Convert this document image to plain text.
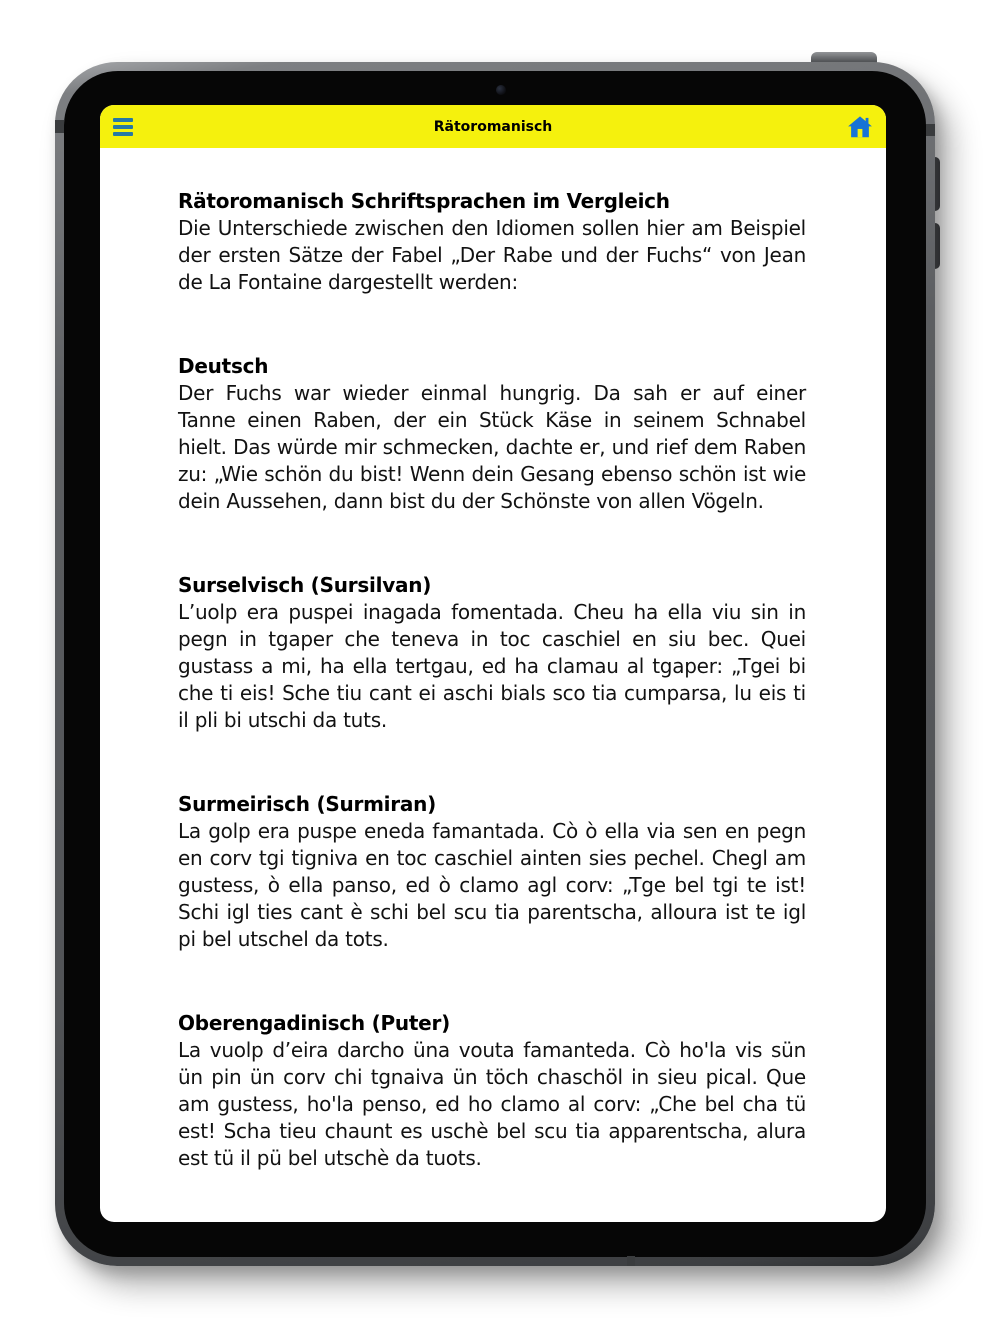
Rätoromanisch
Rätoromanisch Schriftsprachen im Vergleich

Die Unterschiede zwischen den Idiomen sollen hier am Beispiel der ersten Sätze der Fabel „Der Rabe und der Fuchs“ von Jean de La Fontaine dargestellt werden:

Deutsch

Der Fuchs war wieder einmal hungrig. Da sah er auf einer Tanne einen Raben, der ein Stück Käse in seinem Schnabel hielt. Das würde mir schmecken, dachte er, und rief dem Raben zu: „Wie schön du bist! Wenn dein Gesang ebenso schön ist wie dein Aussehen, dann bist du der Schönste von allen Vögeln.

Surselvisch (Sursilvan)

L’uolp era puspei inagada fomentada. Cheu ha ella viu sin in pegn in tgaper che teneva in toc caschiel en siu bec. Quei gustass a mi, ha ella tertgau, ed ha clamau al tgaper: „Tgei bi che ti eis! Sche tiu cant ei aschi bials sco tia cumparsa, lu eis ti il pli bi utschi da tuts.

Surmeirisch (Surmiran)

La golp era puspe eneda famantada. Cò ò ella via sen en pegn en corv tgi tigniva en toc caschiel ainten sies pechel. Chegl am gustess, ò ella panso, ed ò clamo agl corv: „Tge bel tgi te ist! Schi igl ties cant è schi bel scu tia parentscha, alloura ist te igl pi bel utschel da tots.

Oberengadinisch (Puter)

La vuolp d’eira darcho üna vouta famanteda. Cò ho'la vis sün ün pin ün corv chi tgnaiva ün töch chaschöl in sieu pical. Que am gustess, ho'la penso, ed ho clamo al corv: „Che bel cha tü est! Scha tieu chaunt es uschè bel scu tia apparentscha, alura est tü il pü bel utschè da tuots.
